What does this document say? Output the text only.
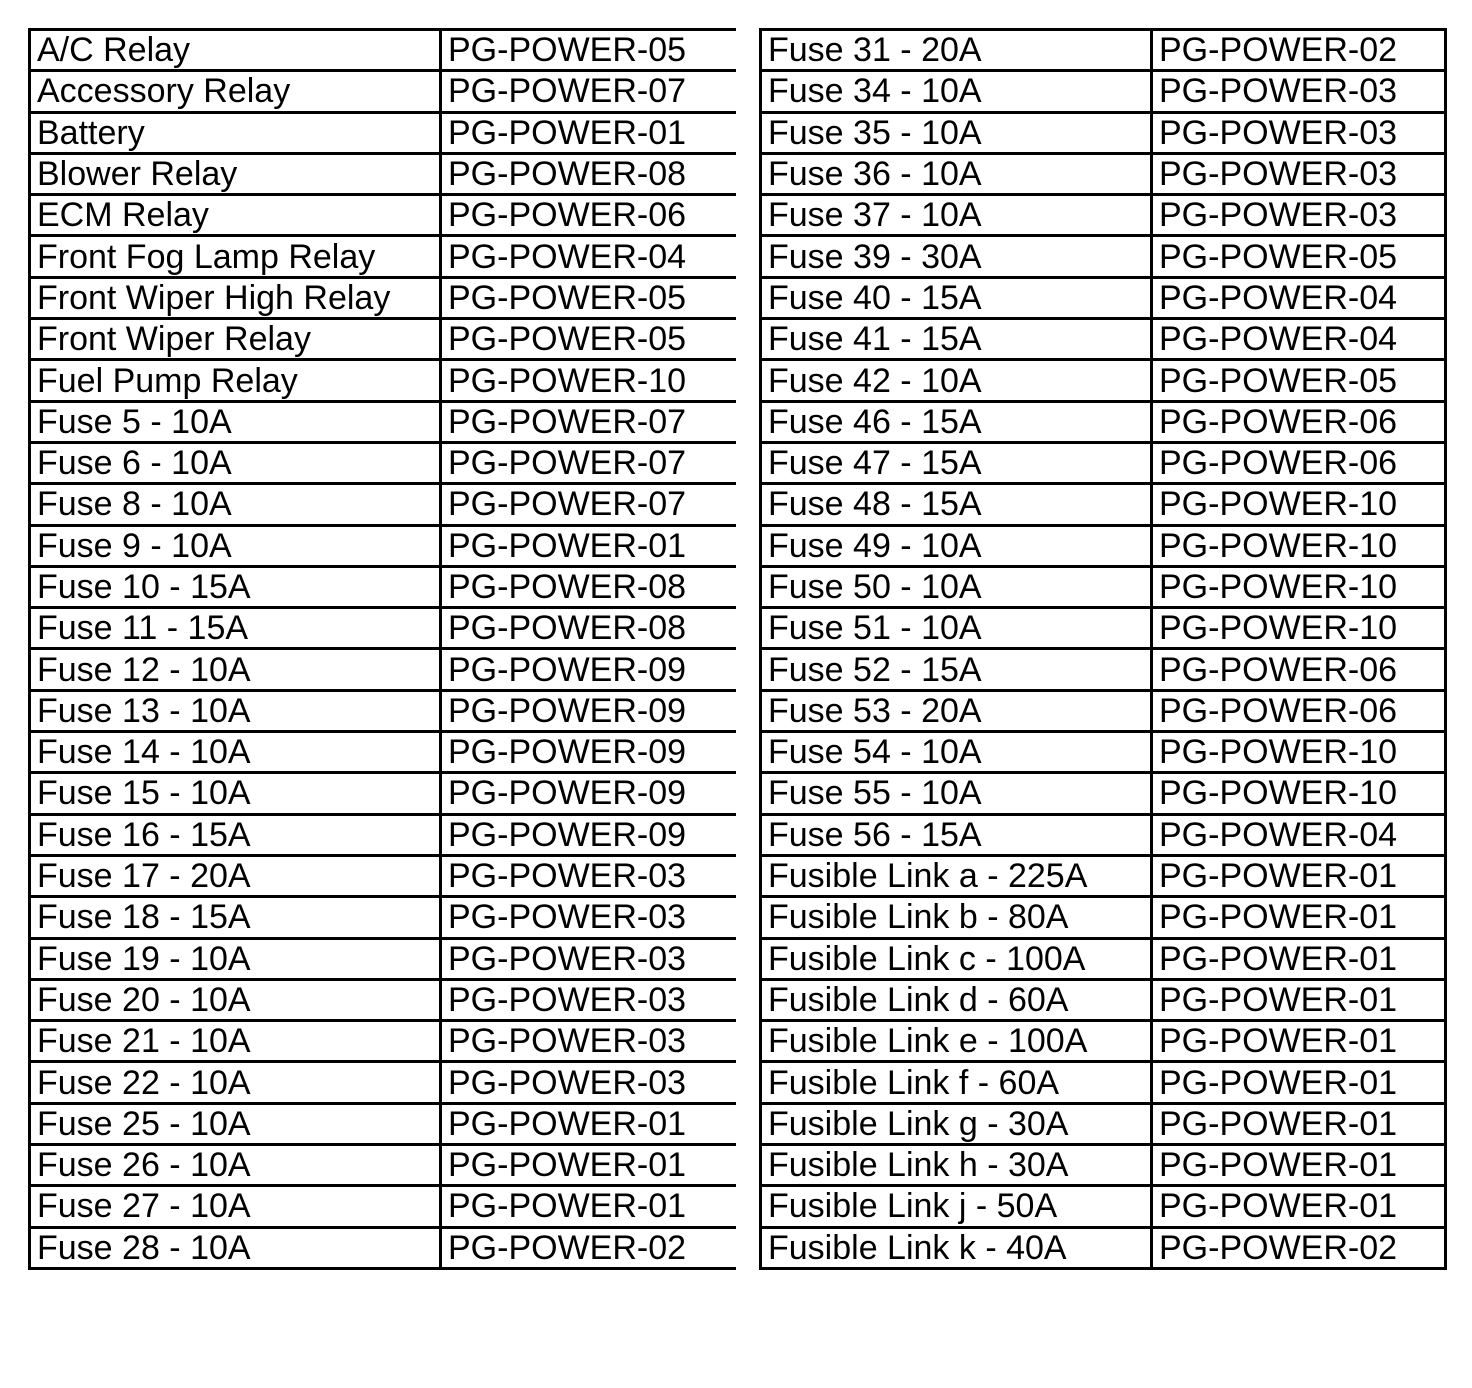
A/C Relay	PG-POWER-05
Accessory Relay	PG-POWER-07
Battery	PG-POWER-01
Blower Relay	PG-POWER-08
ECM Relay	PG-POWER-06
Front Fog Lamp Relay	PG-POWER-04
Front Wiper High Relay	PG-POWER-05
Front Wiper Relay	PG-POWER-05
Fuel Pump Relay	PG-POWER-10
Fuse 5 - 10A	PG-POWER-07
Fuse 6 - 10A	PG-POWER-07
Fuse 8 - 10A	PG-POWER-07
Fuse 9 - 10A	PG-POWER-01
Fuse 10 - 15A	PG-POWER-08
Fuse 11 - 15A	PG-POWER-08
Fuse 12 - 10A	PG-POWER-09
Fuse 13 - 10A	PG-POWER-09
Fuse 14 - 10A	PG-POWER-09
Fuse 15 - 10A	PG-POWER-09
Fuse 16 - 15A	PG-POWER-09
Fuse 17 - 20A	PG-POWER-03
Fuse 18 - 15A	PG-POWER-03
Fuse 19 - 10A	PG-POWER-03
Fuse 20 - 10A	PG-POWER-03
Fuse 21 - 10A	PG-POWER-03
Fuse 22 - 10A	PG-POWER-03
Fuse 25 - 10A	PG-POWER-01
Fuse 26 - 10A	PG-POWER-01
Fuse 27 - 10A	PG-POWER-01
Fuse 28 - 10A	PG-POWER-02
Fuse 31 - 20A	PG-POWER-02
Fuse 34 - 10A	PG-POWER-03
Fuse 35 - 10A	PG-POWER-03
Fuse 36 - 10A	PG-POWER-03
Fuse 37 - 10A	PG-POWER-03
Fuse 39 - 30A	PG-POWER-05
Fuse 40 - 15A	PG-POWER-04
Fuse 41 - 15A	PG-POWER-04
Fuse 42 - 10A	PG-POWER-05
Fuse 46 - 15A	PG-POWER-06
Fuse 47 - 15A	PG-POWER-06
Fuse 48 - 15A	PG-POWER-10
Fuse 49 - 10A	PG-POWER-10
Fuse 50 - 10A	PG-POWER-10
Fuse 51 - 10A	PG-POWER-10
Fuse 52 - 15A	PG-POWER-06
Fuse 53 - 20A	PG-POWER-06
Fuse 54 - 10A	PG-POWER-10
Fuse 55 - 10A	PG-POWER-10
Fuse 56 - 15A	PG-POWER-04
Fusible Link a - 225A	PG-POWER-01
Fusible Link b - 80A	PG-POWER-01
Fusible Link c - 100A	PG-POWER-01
Fusible Link d - 60A	PG-POWER-01
Fusible Link e - 100A	PG-POWER-01
Fusible Link f - 60A	PG-POWER-01
Fusible Link g - 30A	PG-POWER-01
Fusible Link h - 30A	PG-POWER-01
Fusible Link j - 50A	PG-POWER-01
Fusible Link k - 40A	PG-POWER-02
